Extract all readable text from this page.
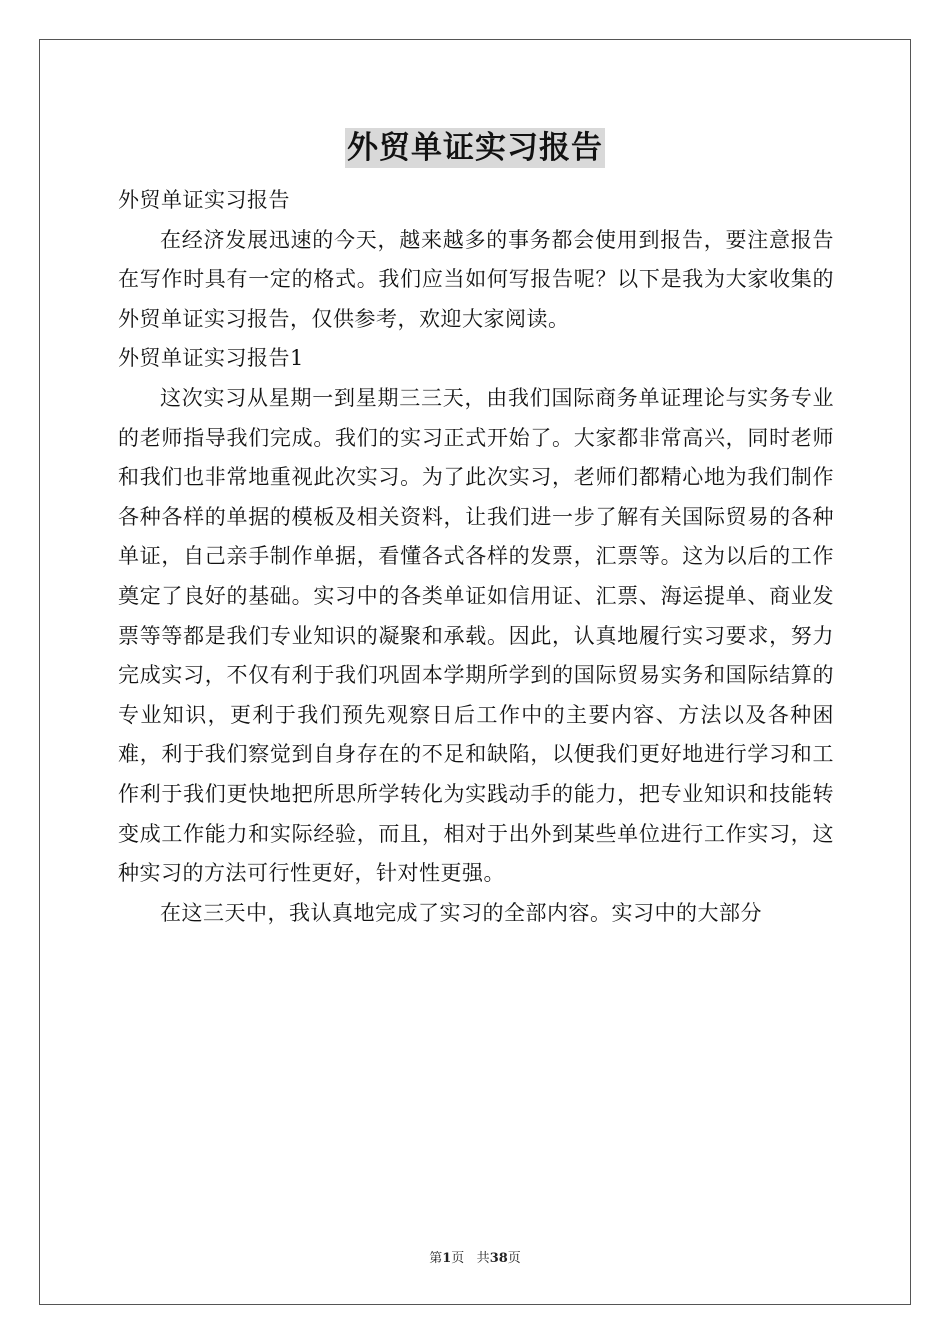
外贸单证实习报告

外贸单证实习报告

在经济发展迅速的今天，越来越多的事务都会使用到报告，要注意报告在写作时具有一定的格式。我们应当如何写报告呢？以下是我为大家收集的外贸单证实习报告，仅供参考，欢迎大家阅读。

外贸单证实习报告1

这次实习从星期一到星期三三天，由我们国际商务单证理论与实务专业的老师指导我们完成。我们的实习正式开始了。大家都非常高兴，同时老师和我们也非常地重视此次实习。为了此次实习，老师们都精心地为我们制作各种各样的单据的模板及相关资料，让我们进一步了解有关国际贸易的各种单证，自己亲手制作单据，看懂各式各样的发票，汇票等。这为以后的工作奠定了良好的基础。实习中的各类单证如信用证、汇票、海运提单、商业发票等等都是我们专业知识的凝聚和承载。因此，认真地履行实习要求，努力完成实习，不仅有利于我们巩固本学期所学到的国际贸易实务和国际结算的专业知识，更利于我们预先观察日后工作中的主要内容、方法以及各种困难，利于我们察觉到自身存在的不足和缺陷，以便我们更好地进行学习和工作利于我们更快地把所思所学转化为实践动手的能力，把专业知识和技能转变成工作能力和实际经验，而且，相对于出外到某些单位进行工作实习，这种实习的方法可行性更好，针对性更强。

在这三天中，我认真地完成了实习的全部内容。实习中的大部分

第1页 共38页
